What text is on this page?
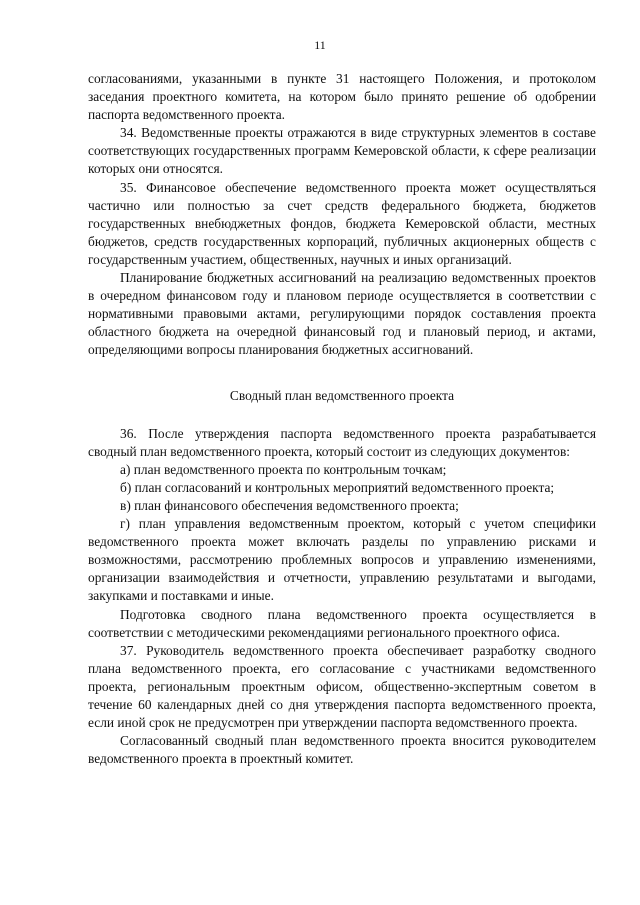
11

согласованиями, указанными в пункте 31 настоящего Положения, и протоколом заседания проектного комитета, на котором было принято решение об одобрении паспорта ведомственного проекта.

34. Ведомственные проекты отражаются в виде структурных элементов в составе соответствующих государственных программ Кемеровской области, к сфере реализации которых они относятся.

35. Финансовое обеспечение ведомственного проекта может осуществляться частично или полностью за счет средств федерального бюджета, бюджетов государственных внебюджетных фондов, бюджета Кемеровской области, местных бюджетов, средств государственных корпораций, публичных акционерных обществ с государственным участием, общественных, научных и иных организаций.

Планирование бюджетных ассигнований на реализацию ведомственных проектов в очередном финансовом году и плановом периоде осуществляется в соответствии с нормативными правовыми актами, регулирующими порядок составления проекта областного бюджета на очередной финансовый год и плановый период, и актами, определяющими вопросы планирования бюджетных ассигнований.

Сводный план ведомственного проекта

36. После утверждения паспорта ведомственного проекта разрабатывается сводный план ведомственного проекта, который состоит из следующих документов:

а) план ведомственного проекта по контрольным точкам;

б) план согласований и контрольных мероприятий ведомственного проекта;

в) план финансового обеспечения ведомственного проекта;

г) план управления ведомственным проектом, который с учетом специфики ведомственного проекта может включать разделы по управлению рисками и возможностями, рассмотрению проблемных вопросов и управлению изменениями, организации взаимодействия и отчетности, управлению результатами и выгодами, закупками и поставками и иные.

Подготовка сводного плана ведомственного проекта осуществляется в соответствии с методическими рекомендациями регионального проектного офиса.

37. Руководитель ведомственного проекта обеспечивает разработку сводного плана ведомственного проекта, его согласование с участниками ведомственного проекта, региональным проектным офисом, общественно-экспертным советом в течение 60 календарных дней со дня утверждения паспорта ведомственного проекта, если иной срок не предусмотрен при утверждении паспорта ведомственного проекта.

Согласованный сводный план ведомственного проекта вносится руководителем ведомственного проекта в проектный комитет.
